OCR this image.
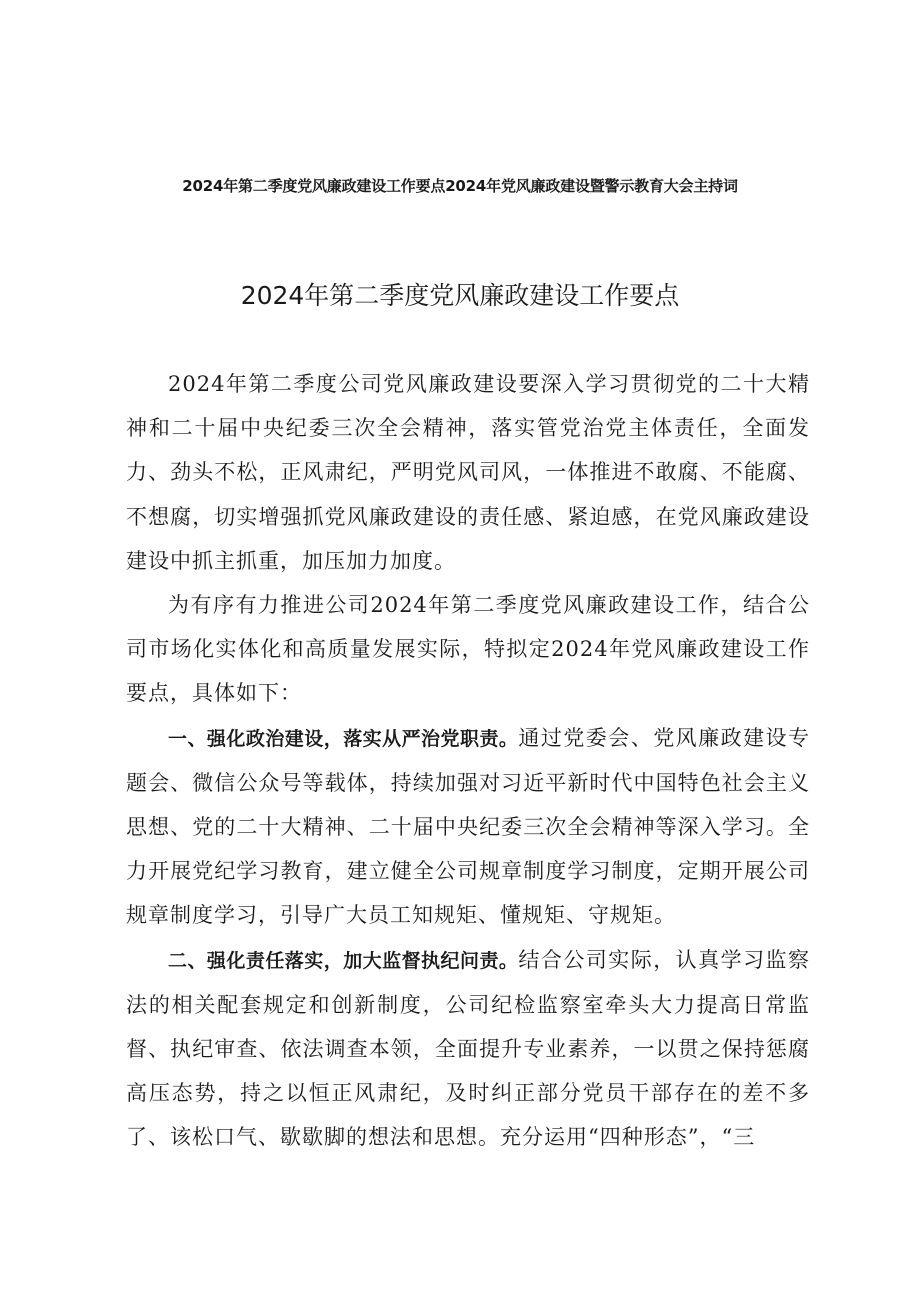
2024年第二季度党风廉政建设工作要点2024年党风廉政建设暨警示教育大会主持词
2024年第二季度党风廉政建设工作要点

2024年第二季度公司党风廉政建设要深入学习贯彻党的二十大精神和二十届中央纪委三次全会精神，落实管党治党主体责任，全面发力、劲头不松，正风肃纪，严明党风司风，一体推进不敢腐、不能腐、不想腐，切实增强抓党风廉政建设的责任感、紧迫感，在党风廉政建设建设中抓主抓重，加压加力加度。

为有序有力推进公司2024年第二季度党风廉政建设工作，结合公司市场化实体化和高质量发展实际，特拟定2024年党风廉政建设工作要点，具体如下：

一、强化政治建设，落实从严治党职责。通过党委会、党风廉政建设专题会、微信公众号等载体，持续加强对习近平新时代中国特色社会主义思想、党的二十大精神、二十届中央纪委三次全会精神等深入学习。全力开展党纪学习教育，建立健全公司规章制度学习制度，定期开展公司规章制度学习，引导广大员工知规矩、懂规矩、守规矩。

二、强化责任落实，加大监督执纪问责。结合公司实际，认真学习监察法的相关配套规定和创新制度，公司纪检监察室牵头大力提高日常监督、执纪审查、依法调查本领，全面提升专业素养，一以贯之保持惩腐高压态势，持之以恒正风肃纪，及时纠正部分党员干部存在的差不多了、该松口气、歇歇脚的想法和思想。充分运用“四种形态”，“三
